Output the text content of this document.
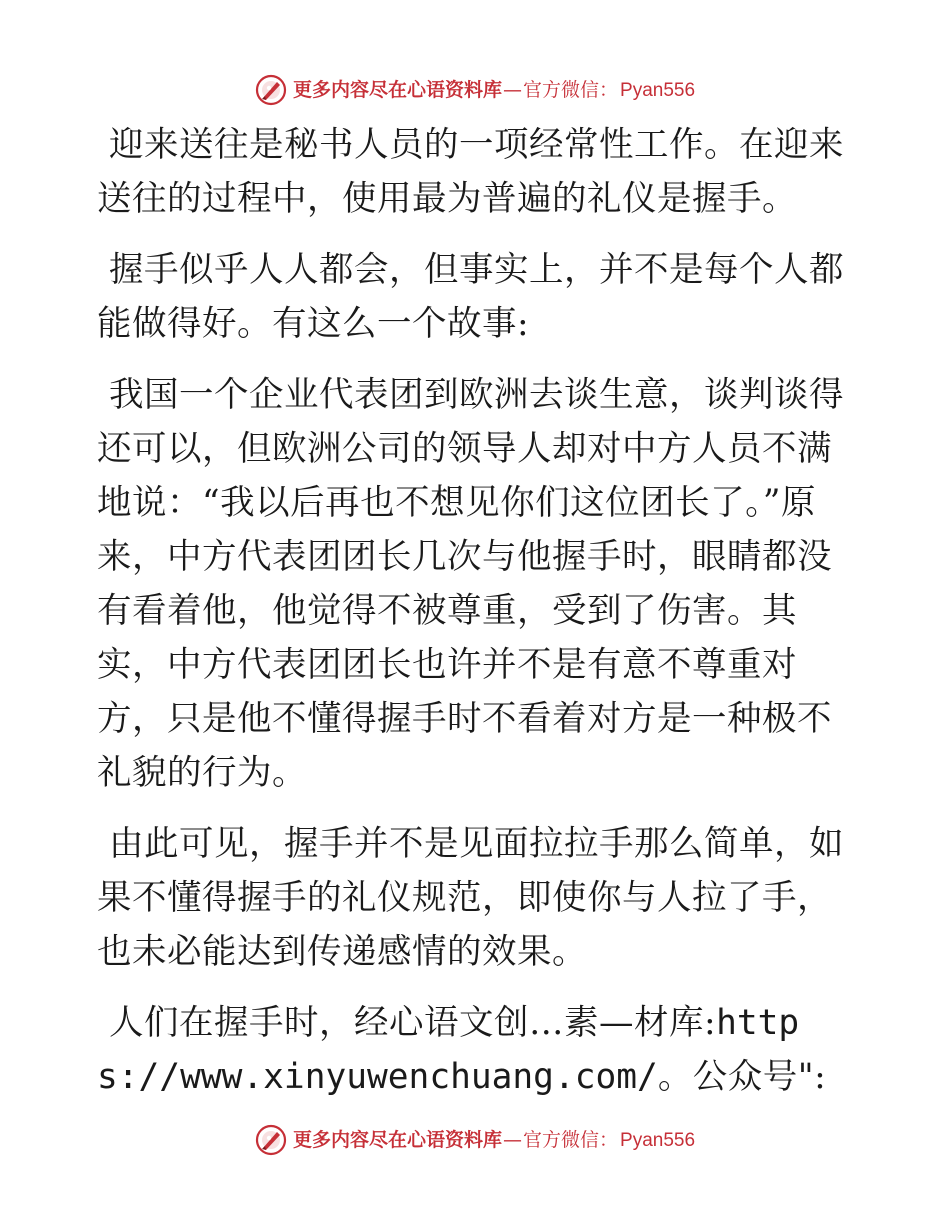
更多内容尽在心语资料库 — 官方微信 ： Pyan556

迎来送往是秘书人员的一项经常性工作。在迎来送往的过程中，使用最为普遍的礼仪是握手。

握手似乎人人都会，但事实上，并不是每个人都能做得好。有这么一个故事:

我国一个企业代表团到欧洲去谈生意，谈判谈得还可以，但欧洲公司的领导人却对中方人员不满地说：“我以后再也不想见你们这位团长了。”原来，中方代表团团长几次与他握手时，眼睛都没有看着他，他觉得不被尊重，受到了伤害。其实，中方代表团团长也许并不是有意不尊重对方，只是他不懂得握手时不看着对方是一种极不礼貌的行为。

由此可见，握手并不是见面拉拉手那么简单，如果不懂得握手的礼仪规范，即使你与人拉了手，也未必能达到传递感情的效果。

人们在握手时，经心语文创…素—材库:https://www.xinyuwenchuang.com/。公众号":

更多内容尽在心语资料库 — 官方微信 ： Pyan556
